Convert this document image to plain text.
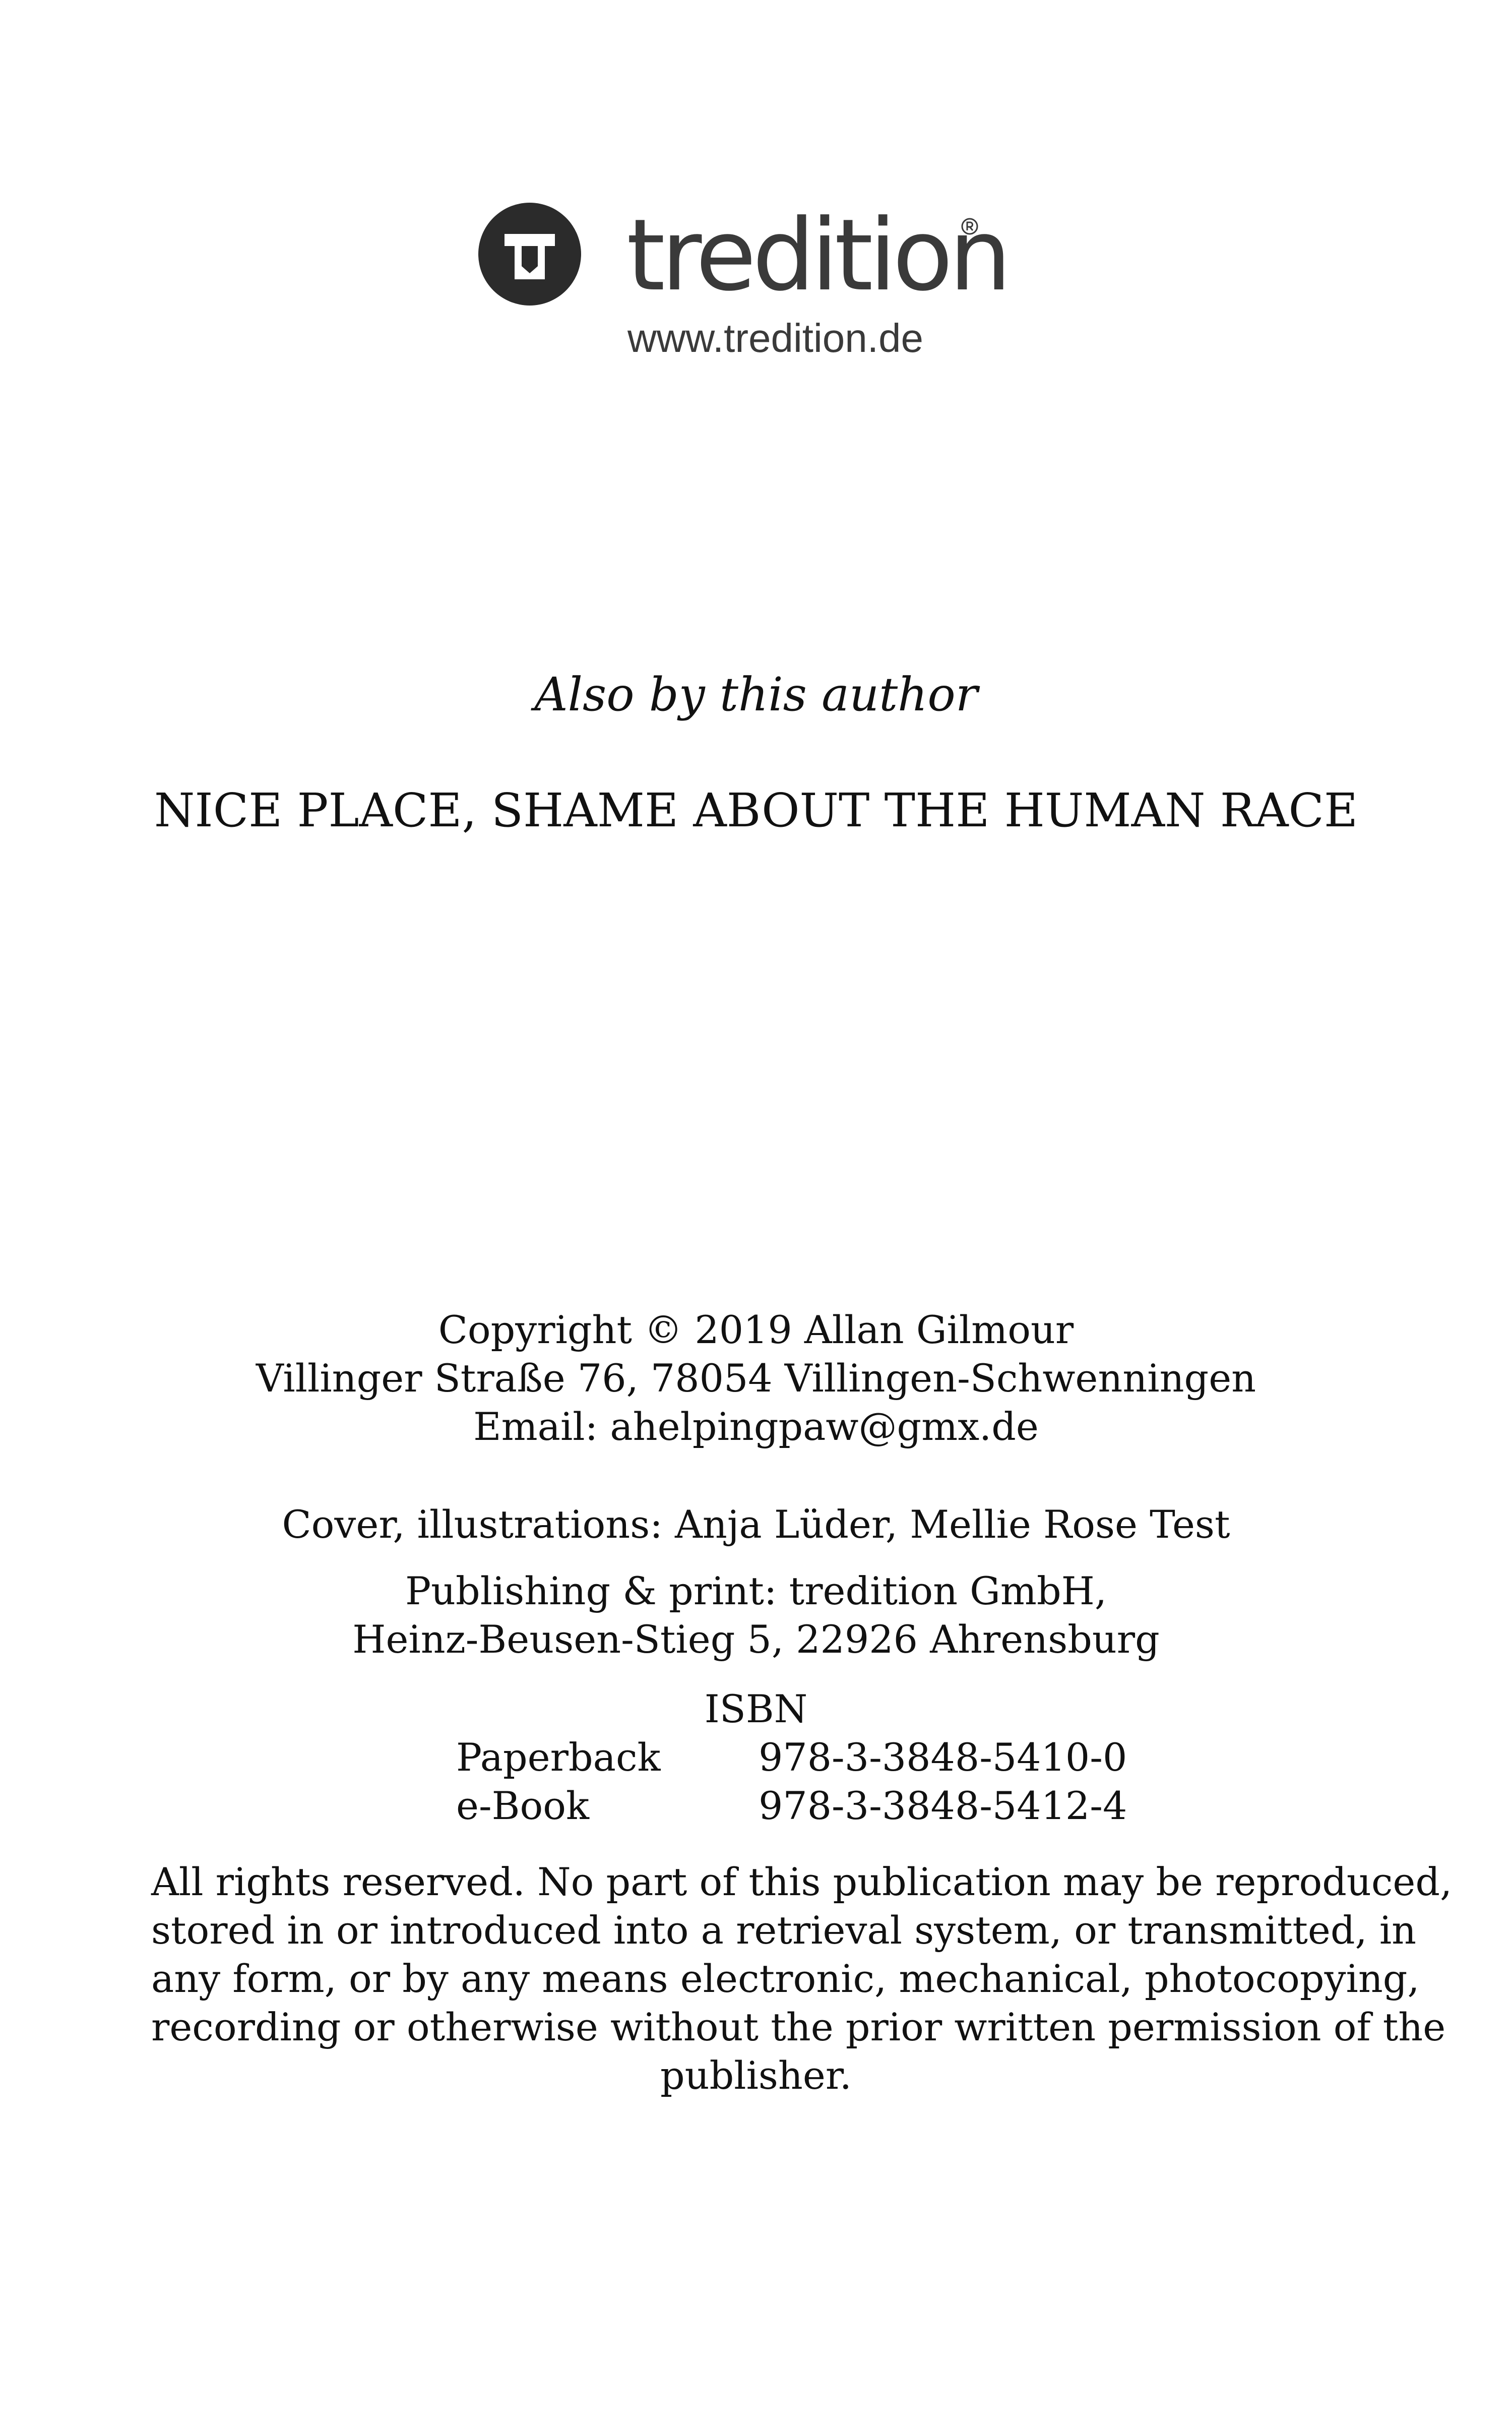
tredition
www.tredition.de
Also by this author
NICE PLACE, SHAME ABOUT THE HUMAN RACE
Copyright © 2019 Allan Gilmour
Villinger Straße 76, 78054 Villingen-Schwenningen
Email: ahelpingpaw@gmx.de
Cover, illustrations: Anja Lüder, Mellie Rose Test
Publishing & print: tredition GmbH,
Heinz-Beusen-Stieg 5, 22926 Ahrensburg
ISBN
Paperback	978-3-3848-5410-0
e-Book	978-3-3848-5412-4
All rights reserved. No part of this publication may be reproduced,
stored in or introduced into a retrieval system, or transmitted, in
any form, or by any means electronic, mechanical, photocopying,
recording or otherwise without the prior written permission of the
publisher.
